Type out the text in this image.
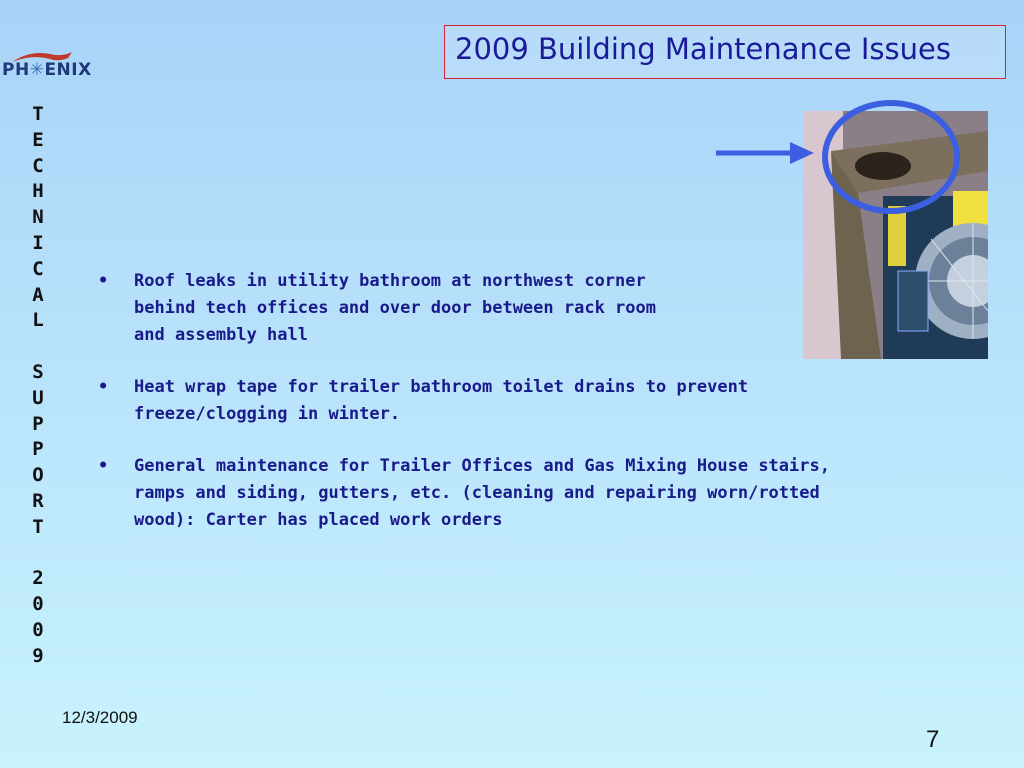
PH✳ENIX
T
E
C
H
N
I
C
A
L

S
U
P
P
O
R
T

2
0
0
9
2009 Building Maintenance Issues
• Roof leaks in utility bathroom at northwest corner
behind tech offices and over door between rack room
and assembly hall
• Heat wrap tape for trailer bathroom toilet drains to prevent
freeze/clogging in winter.
• General maintenance for Trailer Offices and Gas Mixing House stairs,
ramps and siding, gutters, etc. (cleaning and repairing worn/rotted
wood): Carter has placed work orders
12/3/2009
7
